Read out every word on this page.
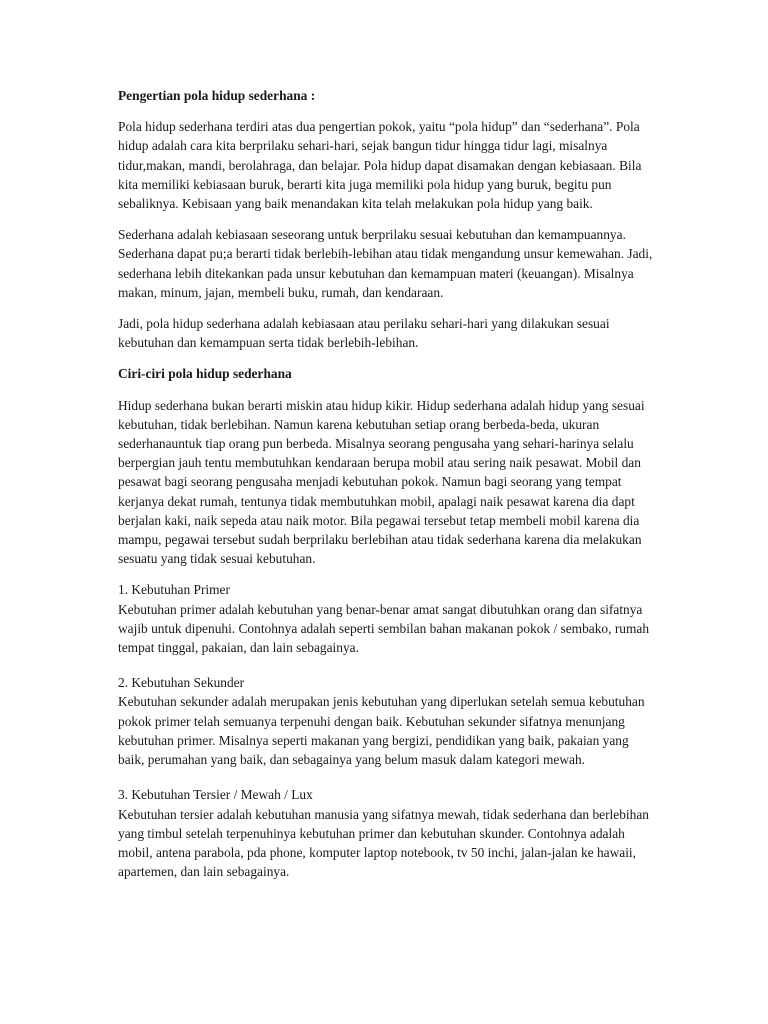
Pengertian pola hidup sederhana :

Pola hidup sederhana terdiri atas dua pengertian pokok, yaitu “pola hidup” dan “sederhana”. Pola hidup adalah cara kita berprilaku sehari-hari, sejak bangun tidur hingga tidur lagi, misalnya tidur,makan, mandi, berolahraga, dan belajar. Pola hidup dapat disamakan dengan kebiasaan. Bila kita memiliki kebiasaan buruk, berarti kita juga memiliki pola hidup yang buruk, begitu pun sebaliknya. Kebisaan yang baik menandakan kita telah melakukan pola hidup yang baik.

Sederhana adalah kebiasaan seseorang untuk berprilaku sesuai kebutuhan dan kemampuannya. Sederhana dapat pu;a berarti tidak berlebih-lebihan atau tidak mengandung unsur kemewahan. Jadi, sederhana lebih ditekankan pada unsur kebutuhan dan kemampuan materi (keuangan). Misalnya makan, minum, jajan, membeli buku, rumah, dan kendaraan.

Jadi, pola hidup sederhana adalah kebiasaan atau perilaku sehari-hari yang dilakukan sesuai kebutuhan dan kemampuan serta tidak berlebih-lebihan.

Ciri-ciri pola hidup sederhana

Hidup sederhana bukan berarti miskin atau hidup kikir. Hidup sederhana adalah hidup yang sesuai kebutuhan, tidak berlebihan. Namun karena kebutuhan setiap orang berbeda-beda, ukuran sederhanauntuk tiap orang pun berbeda. Misalnya seorang pengusaha yang sehari-harinya selalu berpergian jauh tentu membutuhkan kendaraan berupa mobil atau sering naik pesawat. Mobil dan pesawat bagi seorang pengusaha menjadi kebutuhan pokok. Namun bagi seorang yang tempat kerjanya dekat rumah, tentunya tidak membutuhkan mobil, apalagi naik pesawat karena dia dapt berjalan kaki, naik sepeda atau naik motor. Bila pegawai tersebut tetap membeli mobil karena dia mampu, pegawai tersebut sudah berprilaku berlebihan atau tidak sederhana karena dia melakukan sesuatu yang tidak sesuai kebutuhan.

1. Kebutuhan Primer

Kebutuhan primer adalah kebutuhan yang benar-benar amat sangat dibutuhkan orang dan sifatnya wajib untuk dipenuhi. Contohnya adalah seperti sembilan bahan makanan pokok / sembako, rumah tempat tinggal, pakaian, dan lain sebagainya.

2. Kebutuhan Sekunder

Kebutuhan sekunder adalah merupakan jenis kebutuhan yang diperlukan setelah semua kebutuhan pokok primer telah semuanya terpenuhi dengan baik. Kebutuhan sekunder sifatnya menunjang kebutuhan primer. Misalnya seperti makanan yang bergizi, pendidikan yang baik, pakaian yang baik, perumahan yang baik, dan sebagainya yang belum masuk dalam kategori mewah.

3. Kebutuhan Tersier / Mewah / Lux

Kebutuhan tersier adalah kebutuhan manusia yang sifatnya mewah, tidak sederhana dan berlebihan yang timbul setelah terpenuhinya kebutuhan primer dan kebutuhan skunder. Contohnya adalah mobil, antena parabola, pda phone, komputer laptop notebook, tv 50 inchi, jalan-jalan ke hawaii, apartemen, dan lain sebagainya.
